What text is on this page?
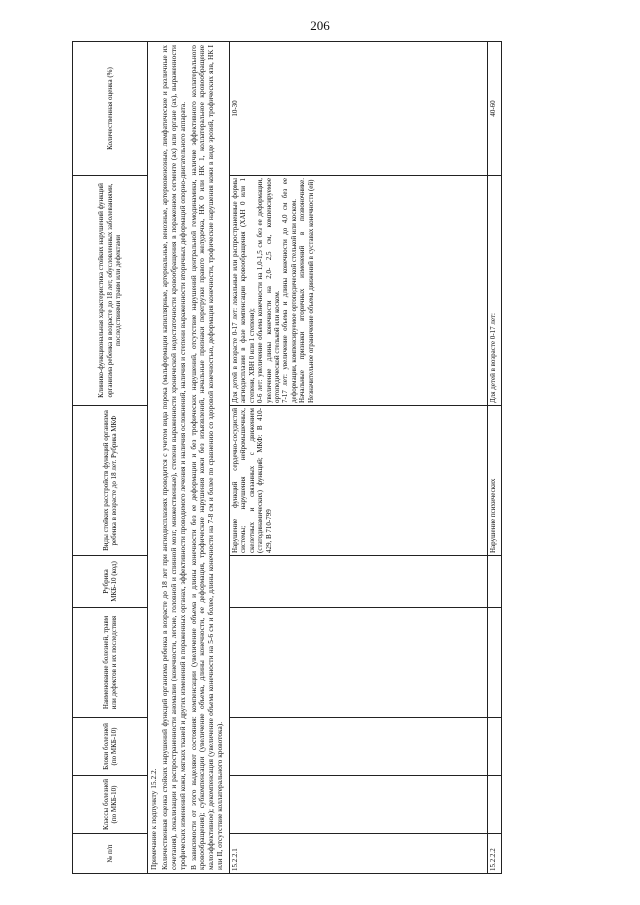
206
№ п/п	Классы болезней (по МКБ-10)	Блоки болезней (по МКБ-10)	Наименование болезней, травм или дефектов и их последствия	Рубрика МКБ-10 (код)	Виды стойких расстройств функций организма ребенка в возрасте до 18 лет. Рубрика МКФ	Клинико-функциональная характеристика стойких нарушений функций организма ребенка в возрасте до 18 лет, обусловленных заболеваниями, последствиями травм или дефектами	Количественная оценка (%)

Примечание к подпункту 15.2.2. Количественная оценка стойких нарушений функций организма ребенка в возрасте до 18 лет при ангиодисплазиях проводится с учетом вида порока (мальформации капиллярные, артериальные, венозные, артериовенозные, лимфатические и различные их сочетания), локализации и распространенности аномалии (конечности, легкие, головной и спинной мозг, множественные), степени выраженности хронической недостаточности кровообращения в пораженном сегменте (ах) или органе (ах), выраженности трофических изменений кожи, мягких тканей и других изменений в пораженных органах, эффективности проводимого лечения и наличия осложнений, наличия и степени выраженности вторичных деформаций опорно-двигательного аппарата. В зависимости от этого выделяют состояния: компенсации (увеличение объема и длины конечности без ее деформации и без трофических нарушений, отсутствие нарушений центральной гемодинамики, наличие эффективного коллатерального кровообращения); субкомпенсации (увеличение объема, длины конечности, ее деформация, трофические нарушения кожи без изъязвлений, начальные признаки перегрузки правого желудочка, НК 0 или НК 1, коллатеральное кровообращение малоэффективное); декомпенсация (увеличение объема конечности на 5-6 см и более, длины конечности на 7-8 см и более по сравнению со здоровой конечностью, деформация конечности, трофические нарушения кожи в виде эрозий, трофических язв, НК I или II, отсутствие коллатерального кровотока).							

15.2.2.1					Нарушение функций сердечно-сосудистой системы; нарушения нейромышечных, скелетных и связанных с движением (статодинамических) функций; МКФ: В 410-429, В 710-799	Для детей в возрасте 0-17 лет: локальные или распространенные формы ангиодисплазии в фазе компенсации кровообращения (ХАН 0 или 1 степени, ХВН 0 или 1 степени); 0-6 лет: увеличение объема конечности на 1,0-1,5 см без ее деформации, увеличение длины конечности на 2,0- 2,5 см, компенсируемое ортопедической стелькой или коском. 7-17 лет: увеличение объема и длины конечности до 4,0 см без ее деформации, компенсируемое ортопедической стелькой или коском. Начальные признаки вторичных изменений в позвоночнике. Незначительное ограничение объема движений в суставах конечности (ей)	10-30
15.2.2.2					Нарушение психических	Для детей в возрасте 0-17 лет:	40-60
